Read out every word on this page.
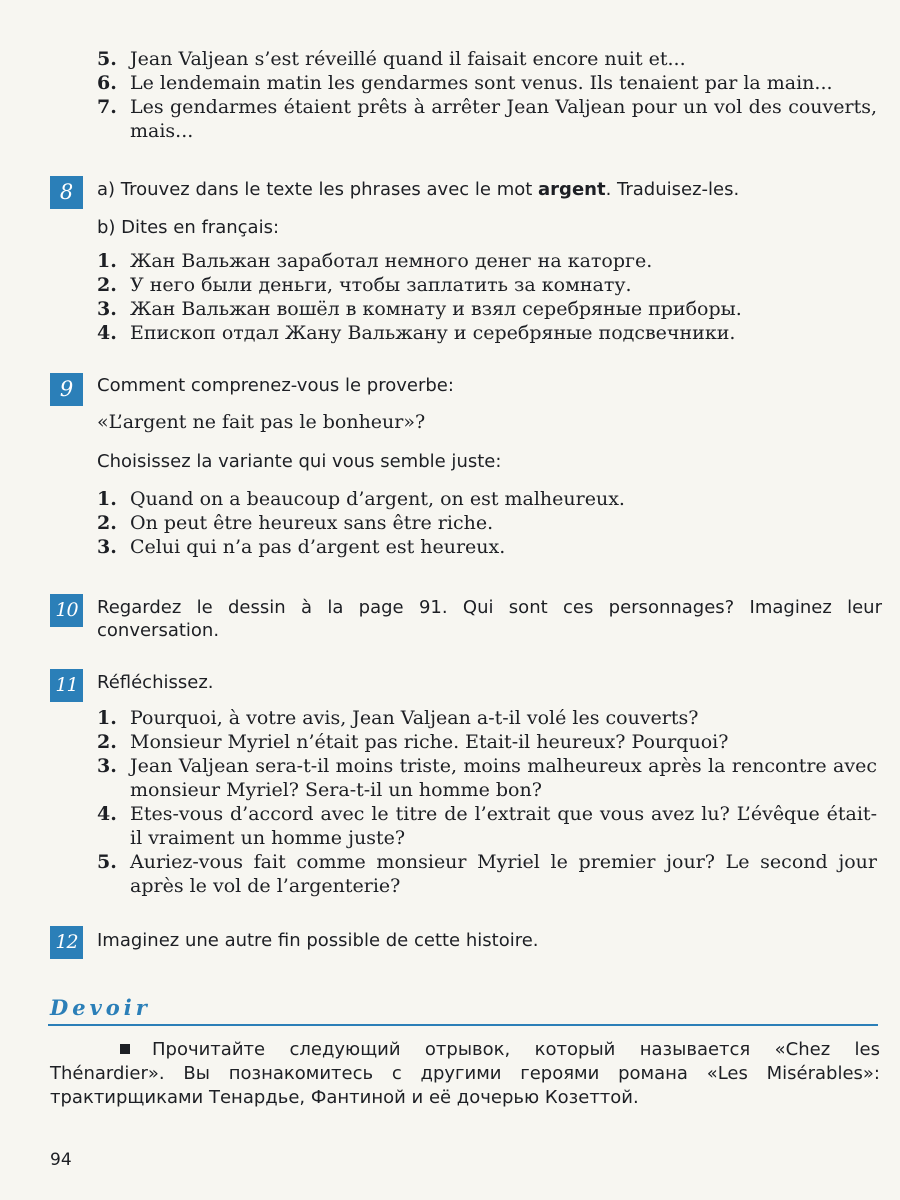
5. Jean Valjean s’est réveillé quand il faisait encore nuit et...
6. Le lendemain matin les gendarmes sont venus. Ils tenaient par la main...
7. Les gendarmes étaient prêts à arrêter Jean Valjean pour un vol des couverts, mais...
8	a) Trouvez dans le texte les phrases avec le mot argent. Traduisez-les.
b) Dites en français:
1. Жан Вальжан заработал немного денег на каторге.
2. У него были деньги, чтобы заплатить за комнату.
3. Жан Вальжан вошёл в комнату и взял серебряные приборы.
4. Епископ отдал Жану Вальжану и серебряные подсвечники.
9	Comment comprenez-vous le proverbe:
«L’argent ne fait pas le bonheur»?
Choisissez la variante qui vous semble juste:
1. Quand on a beaucoup d’argent, on est malheureux.
2. On peut être heureux sans être riche.
3. Celui qui n’a pas d’argent est heureux.
10	Regardez le dessin à la page 91. Qui sont ces personnages? Imaginez leur conversation.
11	Réfléchissez.
1. Pourquoi, à votre avis, Jean Valjean a-t-il volé les couverts?
2. Monsieur Myriel n’était pas riche. Etait-il heureux? Pourquoi?
3. Jean Valjean sera-t-il moins triste, moins malheureux après la rencontre avec monsieur Myriel? Sera-t-il un homme bon?
4. Etes-vous d’accord avec le titre de l’extrait que vous avez lu? L’évêque était-il vraiment un homme juste?
5. Auriez-vous fait comme monsieur Myriel le premier jour? Le second jour après le vol de l’argenterie?
12	Imaginez une autre fin possible de cette histoire.
Devoir
Прочитайте следующий отрывок, который называется «Chez les Thénardier». Вы познакомитесь с другими героями романа «Les Misérables»: трактирщиками Тенардье, Фантиной и её дочерью Козеттой.
94
